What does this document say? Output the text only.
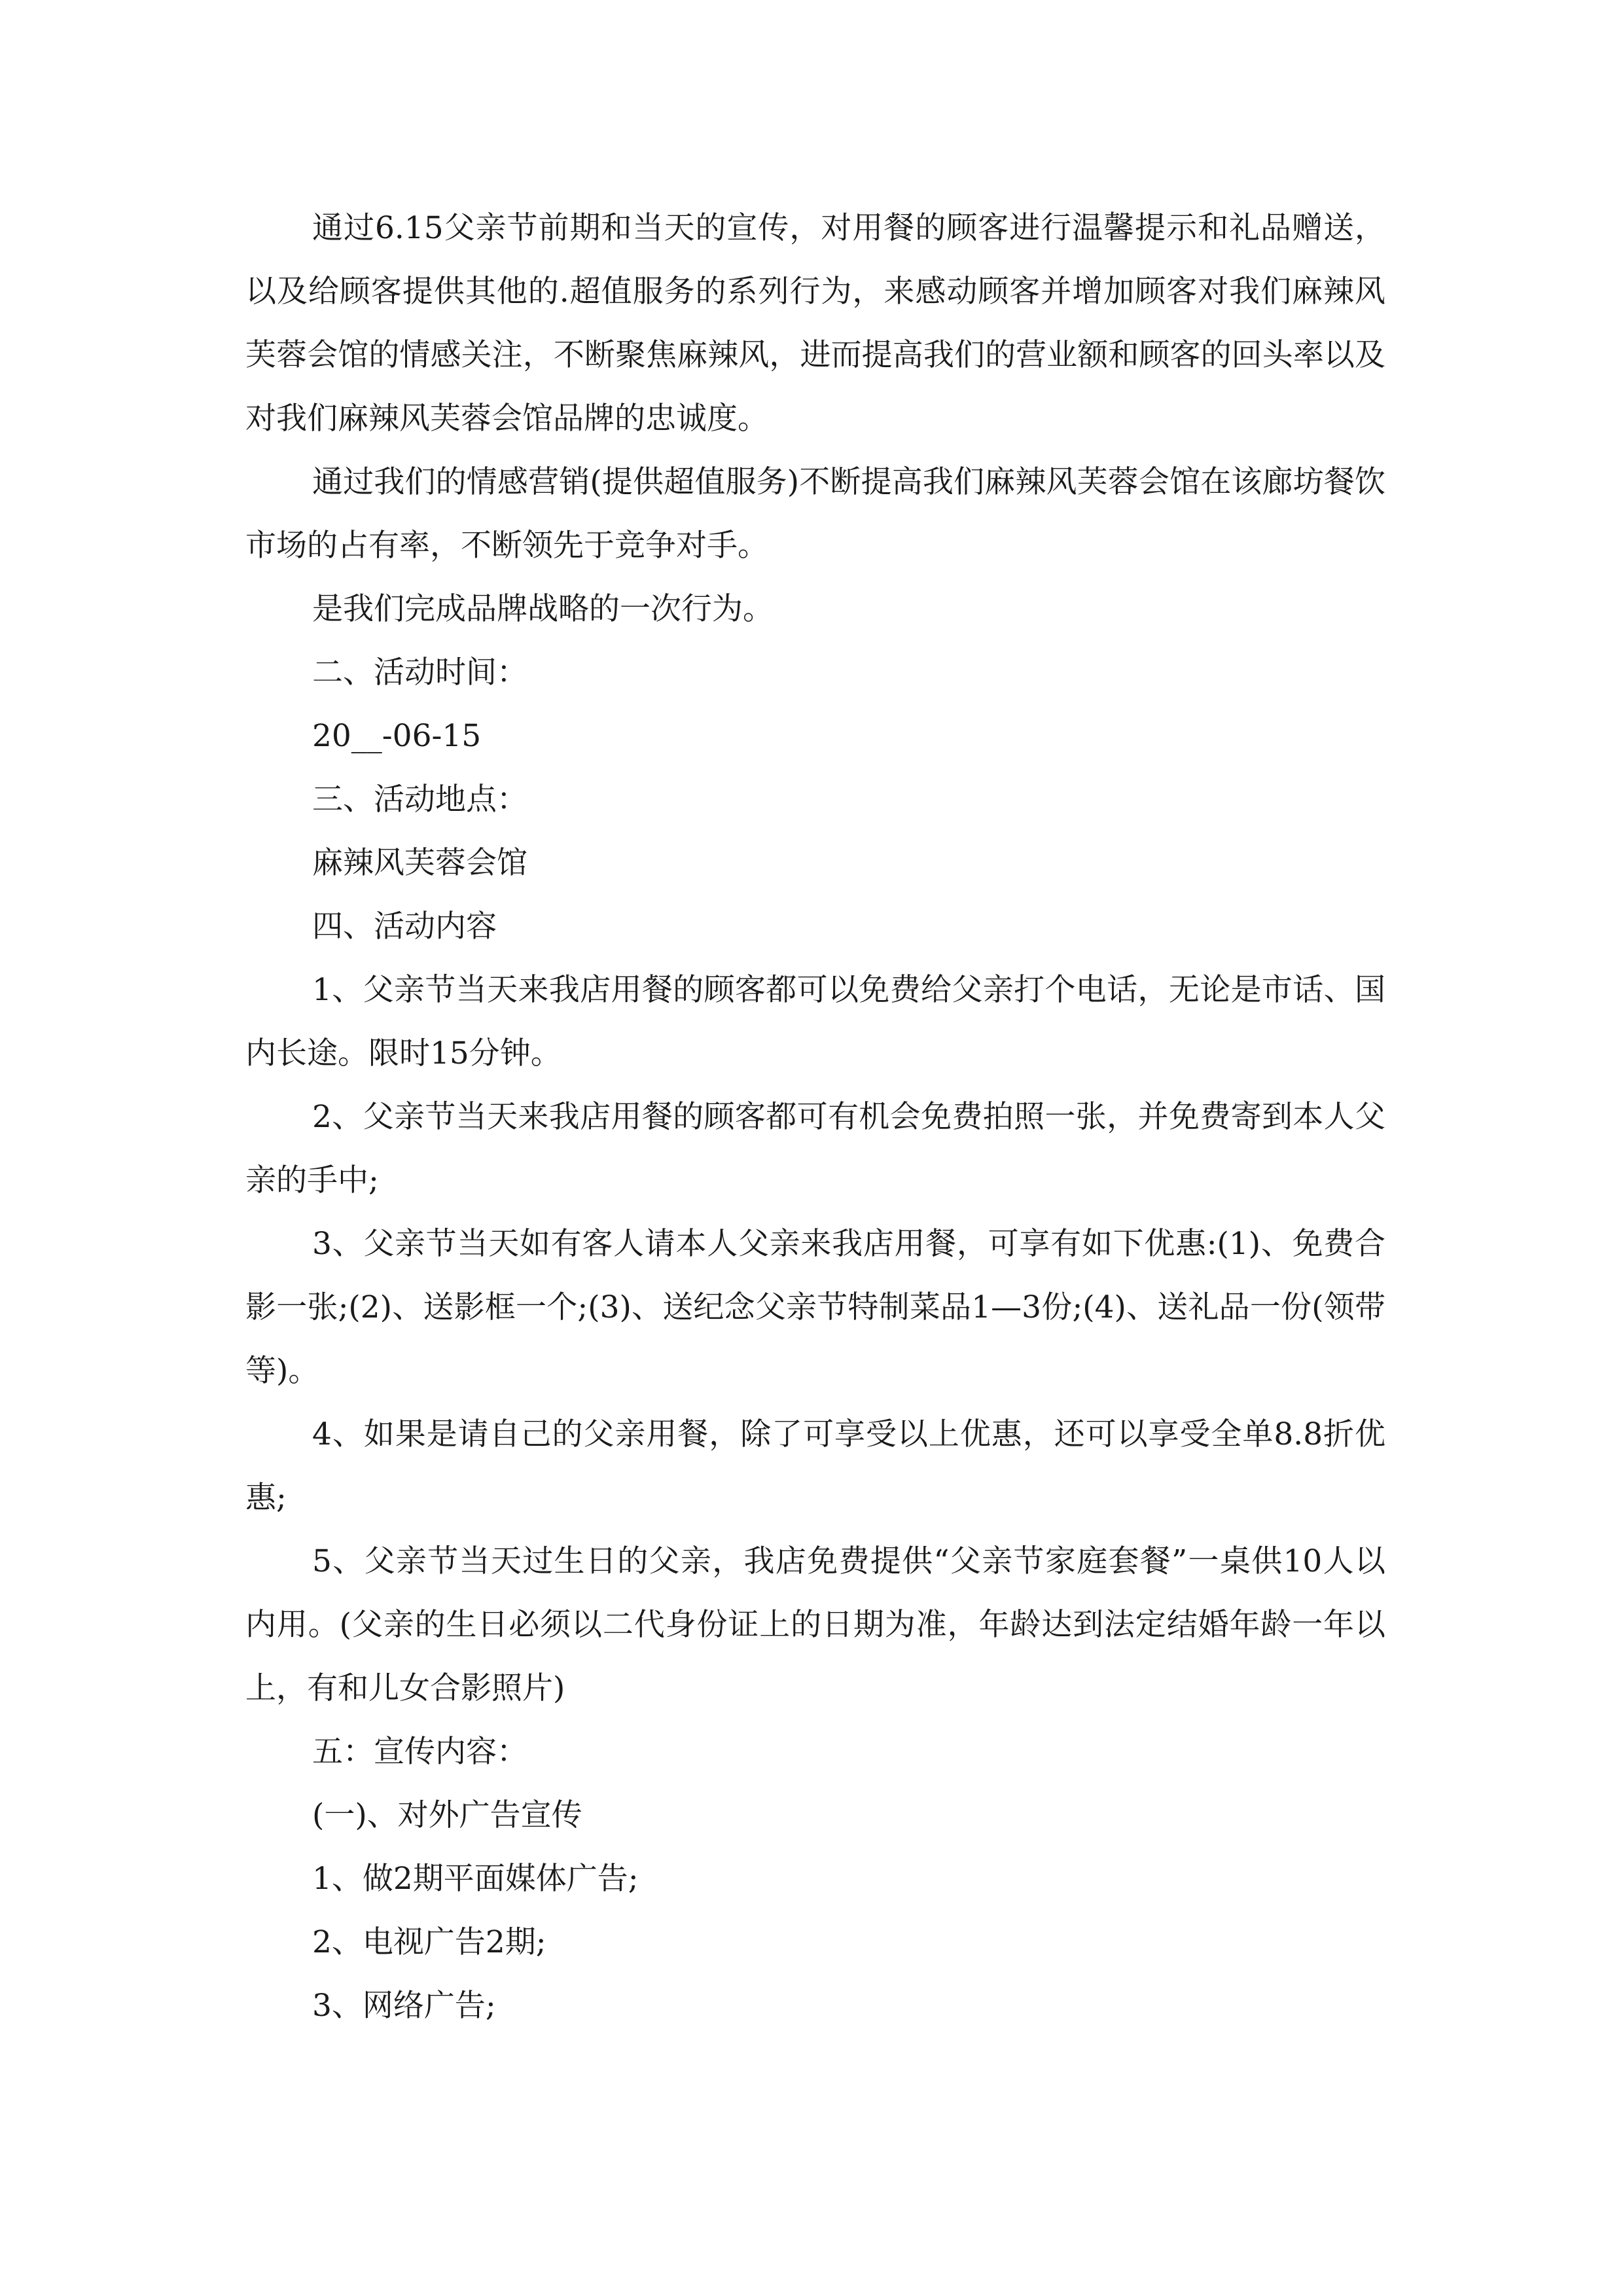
通过6.15父亲节前期和当天的宣传，对用餐的顾客进行温馨提示和礼品赠送，以及给顾客提供其他的.超值服务的系列行为，来感动顾客并增加顾客对我们麻辣风芙蓉会馆的情感关注，不断聚焦麻辣风，进而提高我们的营业额和顾客的回头率以及对我们麻辣风芙蓉会馆品牌的忠诚度。

通过我们的情感营销(提供超值服务)不断提高我们麻辣风芙蓉会馆在该廊坊餐饮市场的占有率，不断领先于竞争对手。

是我们完成品牌战略的一次行为。

二、活动时间：

20__-06-15

三、活动地点：

麻辣风芙蓉会馆

四、活动内容

1、父亲节当天来我店用餐的顾客都可以免费给父亲打个电话，无论是市话、国内长途。限时15分钟。

2、父亲节当天来我店用餐的顾客都可有机会免费拍照一张，并免费寄到本人父亲的手中;

3、父亲节当天如有客人请本人父亲来我店用餐，可享有如下优惠:(1)、免费合影一张;(2)、送影框一个;(3)、送纪念父亲节特制菜品1—3份;(4)、送礼品一份(领带等)。

4、如果是请自己的父亲用餐，除了可享受以上优惠，还可以享受全单8.8折优惠;

5、父亲节当天过生日的父亲，我店免费提供“父亲节家庭套餐”一桌供10人以内用。(父亲的生日必须以二代身份证上的日期为准，年龄达到法定结婚年龄一年以上，有和儿女合影照片)

五：宣传内容：

(一)、对外广告宣传

1、做2期平面媒体广告;

2、电视广告2期;

3、网络广告;
